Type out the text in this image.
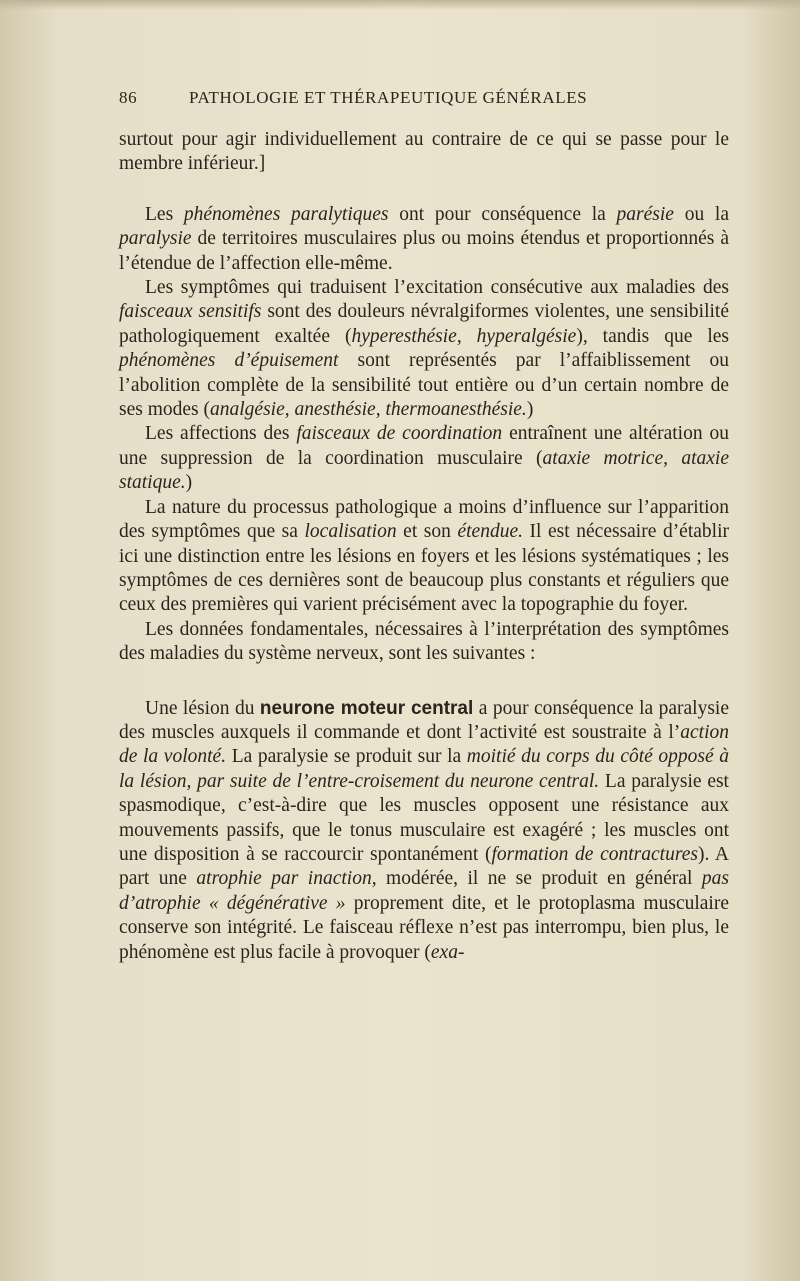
86	PATHOLOGIE ET THÉRAPEUTIQUE GÉNÉRALES

surtout pour agir individuellement au contraire de ce qui se passe pour le membre inférieur.]

Les phénomènes paralytiques ont pour conséquence la parésie ou la paralysie de territoires musculaires plus ou moins étendus et proportionnés à l’étendue de l’affection elle-même.

Les symptômes qui traduisent l’excitation consécutive aux maladies des faisceaux sensitifs sont des douleurs névralgiformes violentes, une sensibilité pathologiquement exaltée (hyperesthésie, hyperalgésie), tandis que les phénomènes d’épuisement sont représentés par l’affaiblissement ou l’abolition complète de la sensibilité tout entière ou d’un certain nombre de ses modes (analgésie, anesthésie, thermoanesthésie.)

Les affections des faisceaux de coordination entraînent une altération ou une suppression de la coordination musculaire (ataxie motrice, ataxie statique.)

La nature du processus pathologique a moins d’influence sur l’apparition des symptômes que sa localisation et son étendue. Il est nécessaire d’établir ici une distinction entre les lésions en foyers et les lésions systématiques ; les symptômes de ces dernières sont de beaucoup plus constants et réguliers que ceux des premières qui varient précisément avec la topographie du foyer.

Les données fondamentales, nécessaires à l’interprétation des symptômes des maladies du système nerveux, sont les suivantes :

Une lésion du neurone moteur central a pour conséquence la paralysie des muscles auxquels il commande et dont l’activité est soustraite à l’action de la volonté. La paralysie se produit sur la moitié du corps du côté opposé à la lésion, par suite de l’entre-croisement du neurone central. La paralysie est spasmodique, c’est-à-dire que les muscles opposent une résistance aux mouvements passifs, que le tonus musculaire est exagéré ; les muscles ont une disposition à se raccourcir spontanément (formation de contractures). A part une atrophie par inaction, modérée, il ne se produit en général pas d’atrophie « dégénérative » proprement dite, et le protoplasma musculaire conserve son intégrité. Le faisceau réflexe n’est pas interrompu, bien plus, le phénomène est plus facile à provoquer (exa-
